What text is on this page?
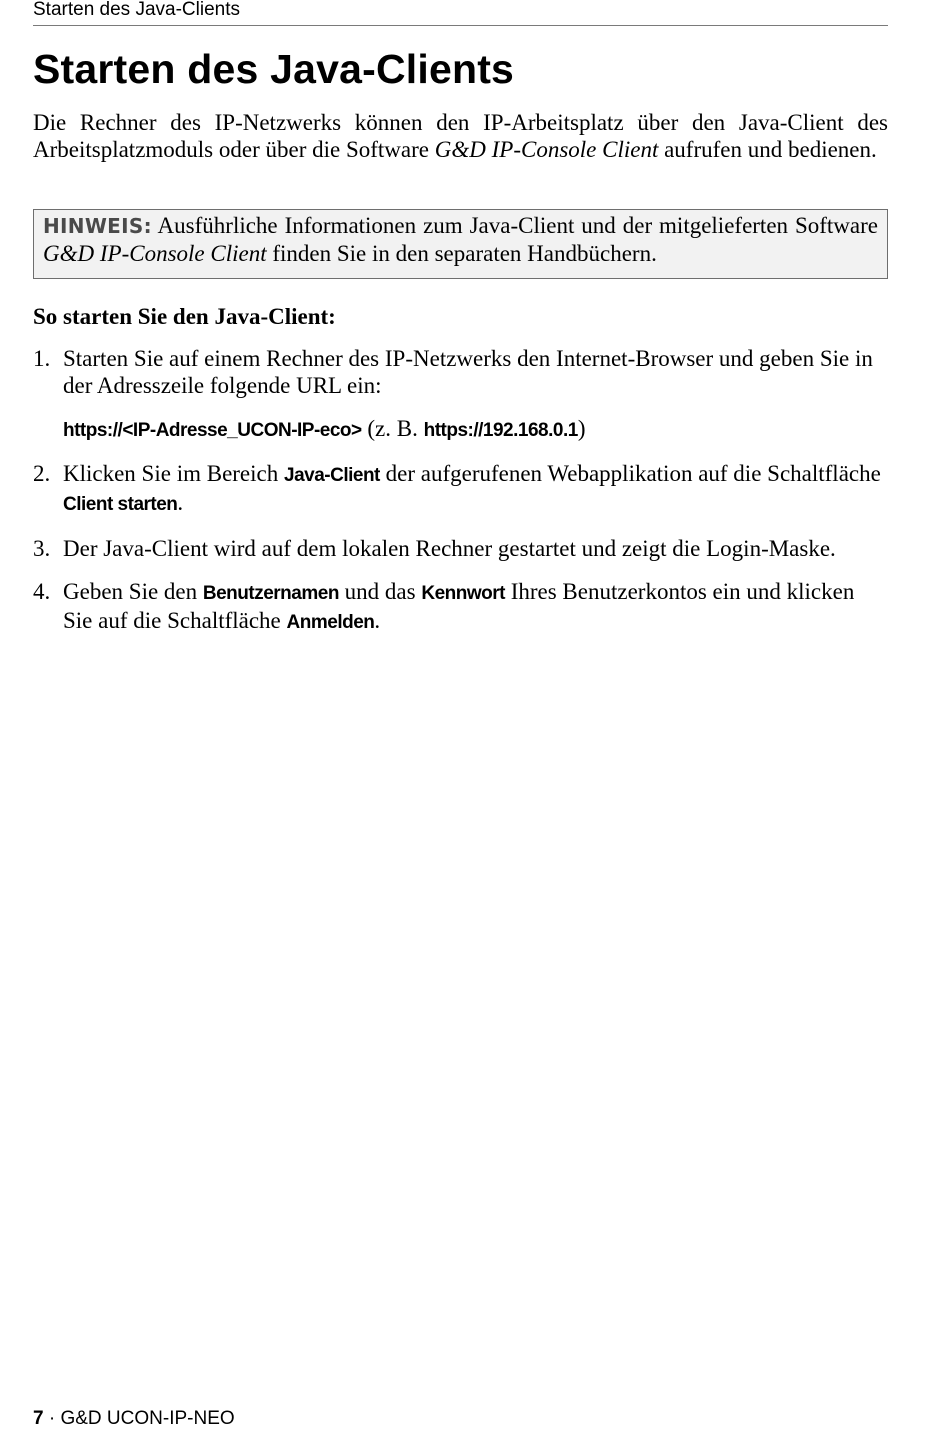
Starten des Java-Clients
Starten des Java-Clients

Die Rechner des IP-Netzwerks können den IP-Arbeitsplatz über den Java-Client des Arbeitsplatzmoduls oder über die Software G&D IP-Console Client aufrufen und bedienen.

HINWEIS: Ausführliche Informationen zum Java-Client und der mitgelieferten Software G&D IP-Console Client finden Sie in den separaten Handbüchern.

So starten Sie den Java-Client:

1. Starten Sie auf einem Rechner des IP-Netzwerks den Internet-Browser und geben Sie in der Adresszeile folgende URL ein:
https://<IP-Adresse_UCON-IP-eco> (z. B. https://192.168.0.1)
2. Klicken Sie im Bereich Java-Client der aufgerufenen Webapplikation auf die Schaltfläche Client starten.
3. Der Java-Client wird auf dem lokalen Rechner gestartet und zeigt die Login-Maske.
4. Geben Sie den Benutzernamen und das Kennwort Ihres Benutzerkontos ein und klicken Sie auf die Schaltfläche Anmelden.
7 · G&D UCON-IP-NEO
